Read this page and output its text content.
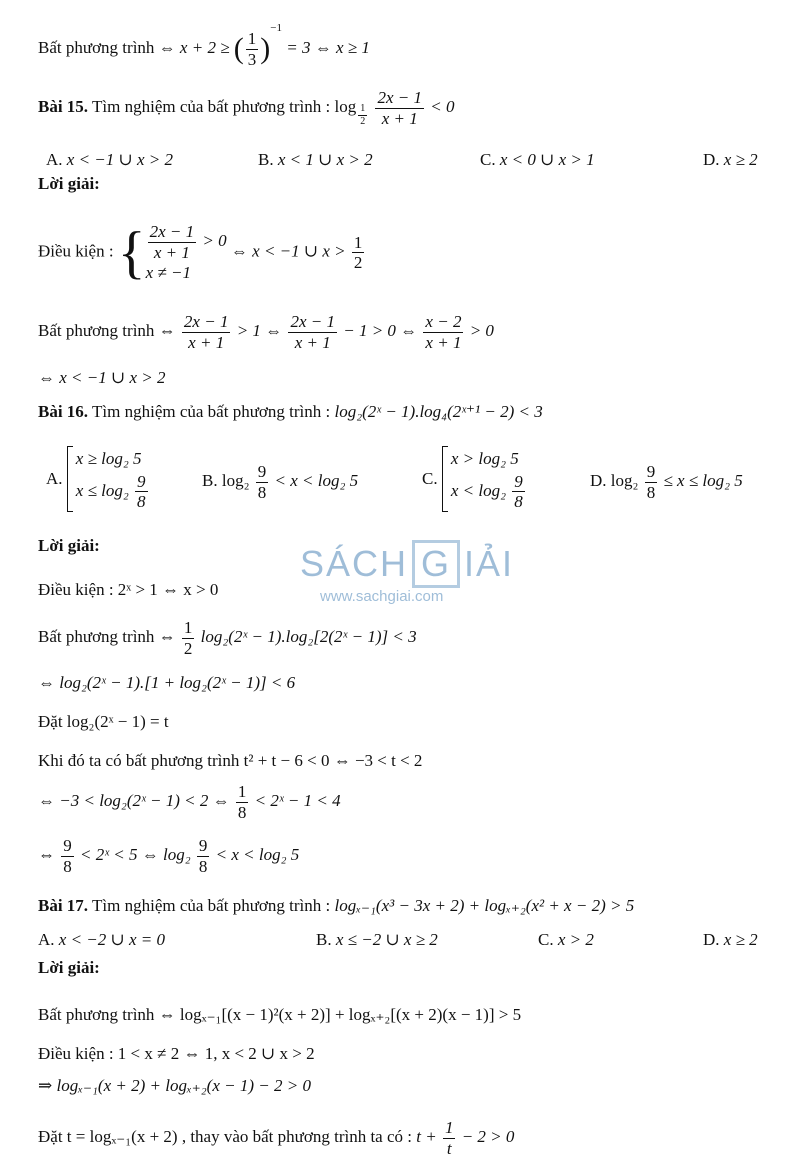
Bất phương trình ⇔ x + 2 ≥ ( $\frac{1}{3} )^{-1} = 3$ ⇔ x ≥ 1
Bài 15. Tìm nghiệm của bất phương trình : $\log \frac{1}{2}$
$\frac{2x - 1}{x + 1} < 0$
A. x < −1 ∪ x > 2	B. x < 1 ∪ x > 2	C. x < 0 ∪ x > 1	D. x ≥ 2
Lời giải:
Điều kiện : { $\frac{2x - 1}{x + 1} > 0$
x ≠ −1
⇔ x < −1 ∪ $x > \frac{1}{2}$
Bất phương trình ⇔ $\frac{2x - 1}{x + 1} > 1$ ⇔ $\frac{2x - 1}{x + 1} - 1 > 0$ ⇔ $\frac{x - 2}{x + 1} > 0$
⇔ x < −1 ∪ x > 2
Bài 16. Tìm nghiệm của bất phương trình : log₂(2ˣ − 1).log₄(2ˣ⁺¹ − 2) < 3
A.
x ≥ log₂ 5
$x \le \log_2 \frac{9}{8}$	B. $\log_2 \frac{9}{8} < x < \log_2$ 5	C.
x > log₂ 5
$x < \log_2 \frac{9}{8}$	D. $\log_2 \frac{9}{8} \le x \le \log_2$ 5
Lời giải:
Điều kiện : 2ˣ > 1 ⇔ x > 0
Bất phương trình ⇔ $\frac{1}{2}$ log₂(2ˣ − 1).log₂[2(2ˣ − 1)] < 3
⇔ log₂(2ˣ − 1).[1 + log₂(2ˣ − 1)] < 6
Đặt log₂(2ˣ − 1) = t
Khi đó ta có bất phương trình t² + t − 6 < 0 ⇔ −3 < t < 2
⇔ −3 < log₂(2ˣ − 1) < 2 ⇔ $\frac{1}{8}$ < 2ˣ − 1 < 4
⇔ $\frac{9}{8}$ < 2ˣ < 5 ⇔ $\log_2 \frac{9}{8} < x < \log_2$ 5
SÁCH G IẢI
www.sachgiai.com
Bài 17. Tìm nghiệm của bất phương trình : logₓ₋₁(x³ − 3x + 2) + logₓ₊₂(x² + x − 2) > 5
A. x < −2 ∪ x = 0	B. x ≤ −2 ∪ x ≥ 2	C. x > 2	D. x ≥ 2
Lời giải:
Bất phương trình ⇔ logₓ₋₁[(x − 1)²(x + 2)] + logₓ₊₂[(x + 2)(x − 1)] > 5
Điều kiện : 1 < x ≠ 2 ⇔ 1, x < 2 ∪ x > 2
⇒ logₓ₋₁(x + 2) + logₓ₊₂(x − 1) − 2 > 0
Đặt t = logₓ₋₁(x + 2) , thay vào bất phương trình ta có : $t + \frac{1}{t} - 2 > 0$
